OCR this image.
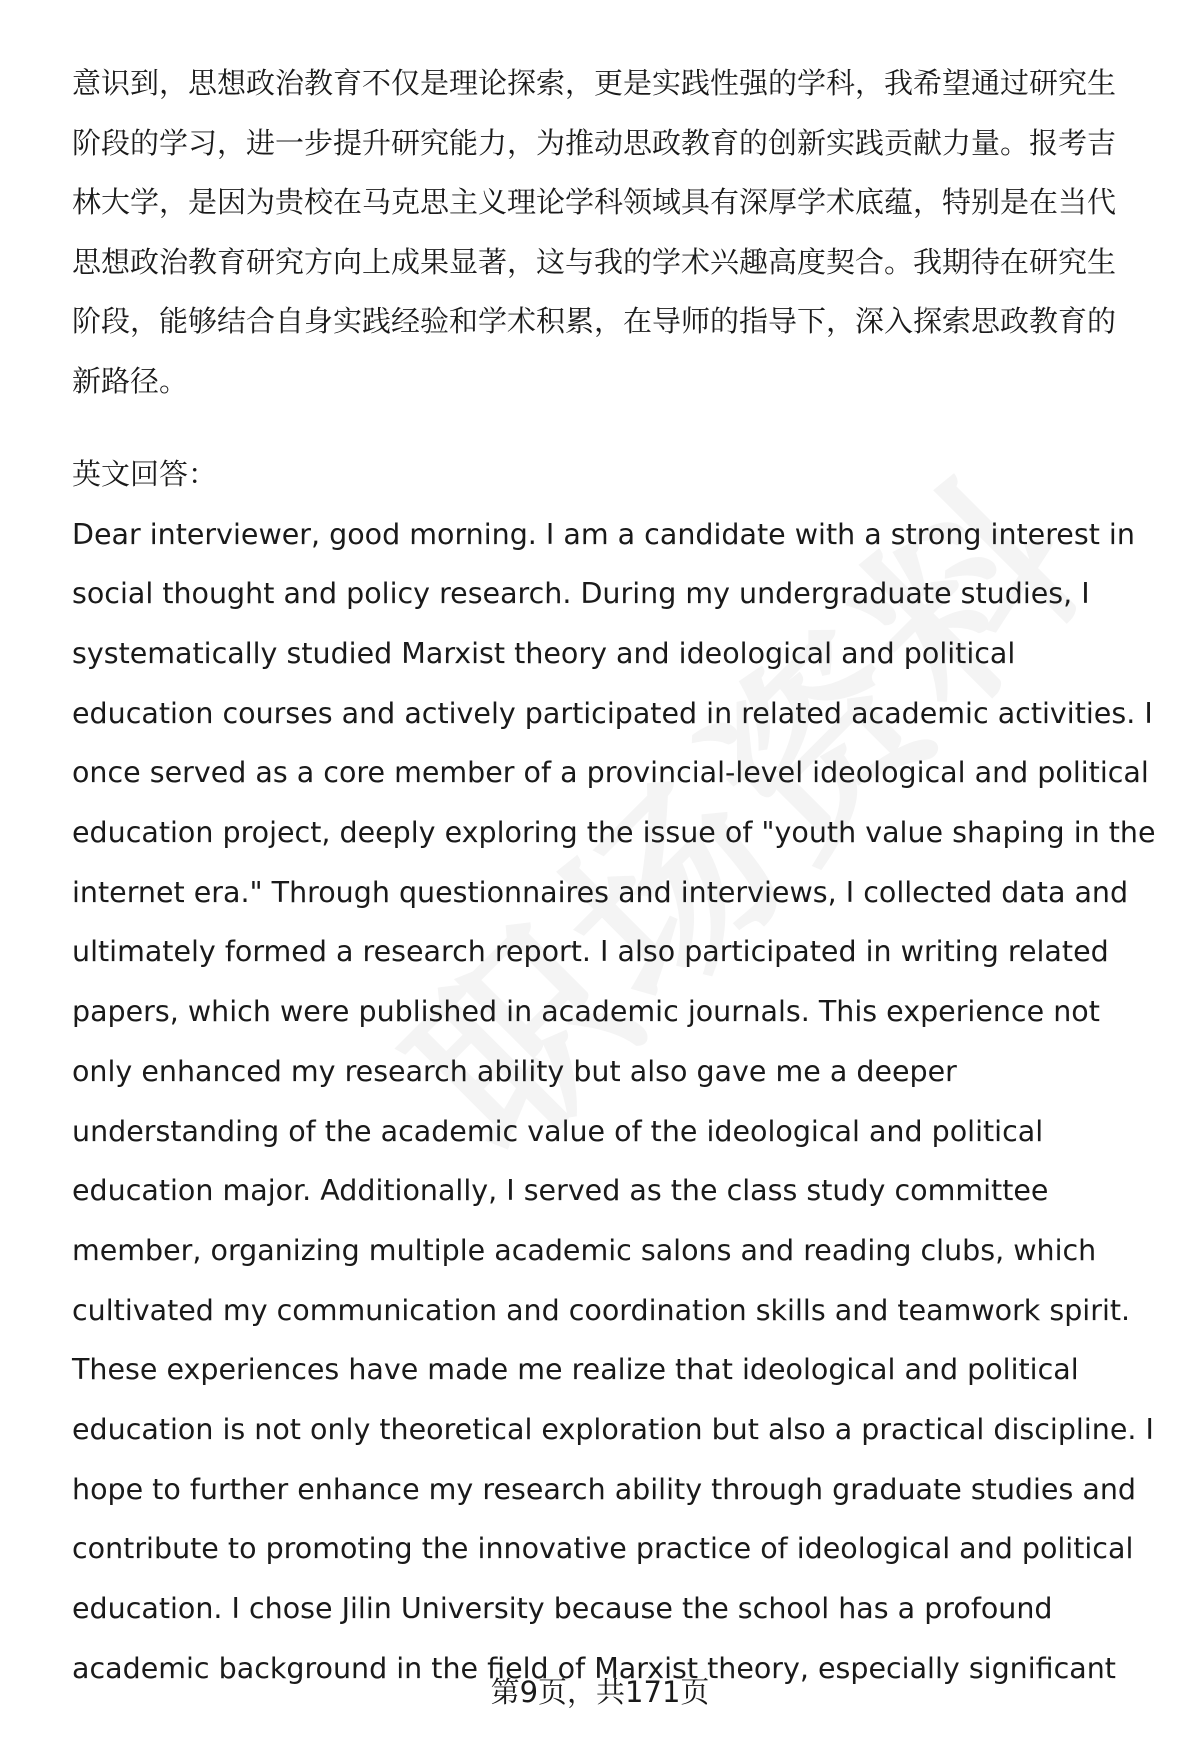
意识到，思想政治教育不仅是理论探索，更是实践性强的学科，我希望通过研究生
阶段的学习，进一步提升研究能力，为推动思政教育的创新实践贡献力量。报考吉
林大学，是因为贵校在马克思主义理论学科领域具有深厚学术底蕴，特别是在当代
思想政治教育研究方向上成果显著，这与我的学术兴趣高度契合。我期待在研究生
阶段，能够结合自身实践经验和学术积累，在导师的指导下，深入探索思政教育的
新路径。

英文回答：

Dear interviewer, good morning. I am a candidate with a strong interest in
social thought and policy research. During my undergraduate studies, I
systematically studied Marxist theory and ideological and political
education courses and actively participated in related academic activities. I
once served as a core member of a provincial-level ideological and political
education project, deeply exploring the issue of "youth value shaping in the
internet era." Through questionnaires and interviews, I collected data and
ultimately formed a research report. I also participated in writing related
papers, which were published in academic journals. This experience not
only enhanced my research ability but also gave me a deeper
understanding of the academic value of the ideological and political
education major. Additionally, I served as the class study committee
member, organizing multiple academic salons and reading clubs, which
cultivated my communication and coordination skills and teamwork spirit.
These experiences have made me realize that ideological and political
education is not only theoretical exploration but also a practical discipline. I
hope to further enhance my research ability through graduate studies and
contribute to promoting the innovative practice of ideological and political
education. I chose Jilin University because the school has a profound
academic background in the field of Marxist theory, especially significant

第9页，共171页
